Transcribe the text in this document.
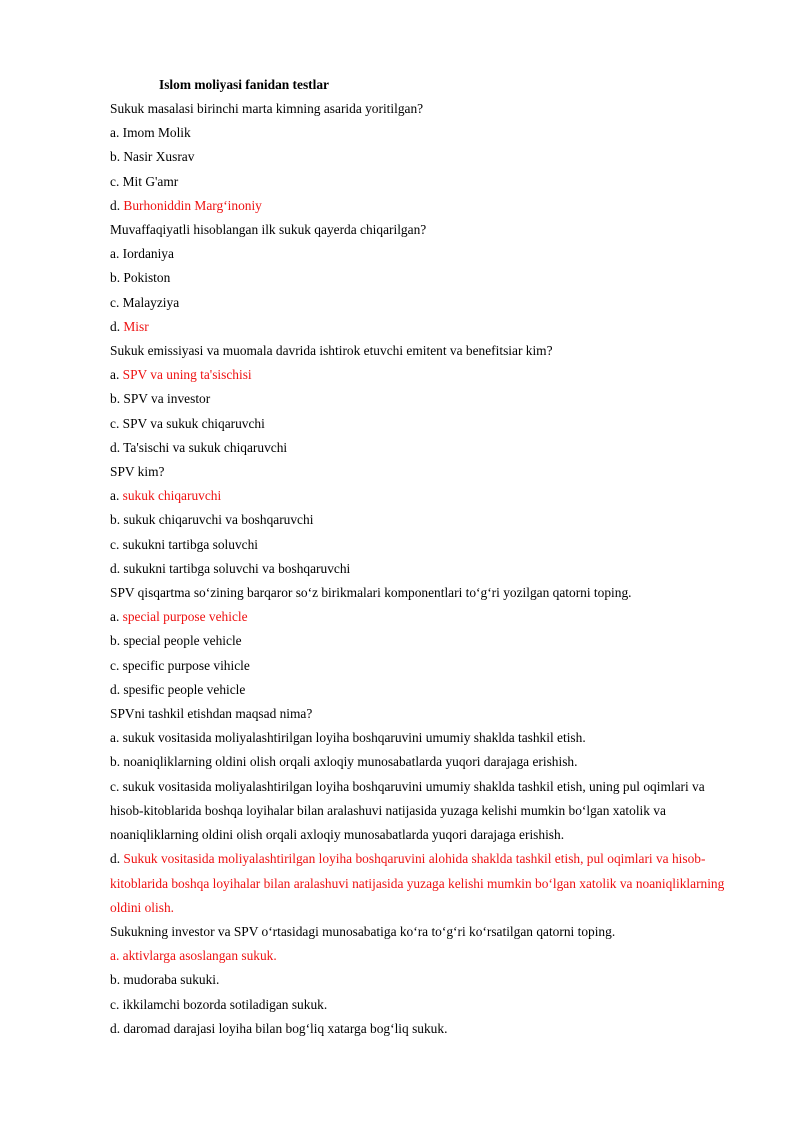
Islom moliyasi fanidan testlar
Sukuk masalasi birinchi marta kimning asarida yoritilgan?
a. Imom Molik
b. Nasir Xusrav
c. Mit G'amr
d. Burhoniddin Marg‘inoniy
Muvaffaqiyatli hisoblangan ilk sukuk qayerda chiqarilgan?
a. Iordaniya
b. Pokiston
c. Malayziya
d. Misr
Sukuk emissiyasi va muomala davrida ishtirok etuvchi emitent va benefitsiar kim?
a. SPV va uning ta'sischisi
b. SPV va investor
c. SPV va sukuk chiqaruvchi
d. Ta'sischi va sukuk chiqaruvchi
SPV kim?
a. sukuk chiqaruvchi
b. sukuk chiqaruvchi va boshqaruvchi
c. sukukni tartibga soluvchi
d. sukukni tartibga soluvchi va boshqaruvchi
SPV qisqartma so‘zining barqaror so‘z birikmalari komponentlari to‘g‘ri yozilgan qatorni toping.
a. special purpose vehicle
b. special people vehicle
c. specific purpose vihicle
d. spesific people vehicle
SPVni tashkil etishdan maqsad nima?
a. sukuk vositasida moliyalashtirilgan loyiha boshqaruvini umumiy shaklda tashkil etish.
b. noaniqliklarning oldini olish orqali axloqiy munosabatlarda yuqori darajaga erishish.
c. sukuk vositasida moliyalashtirilgan loyiha boshqaruvini umumiy shaklda tashkil etish, uning pul oqimlari va hisob-kitoblarida boshqa loyihalar bilan aralashuvi natijasida yuzaga kelishi mumkin bo‘lgan xatolik va noaniqliklarning oldini olish orqali axloqiy munosabatlarda yuqori darajaga erishish.
d. Sukuk vositasida moliyalashtirilgan loyiha boshqaruvini alohida shaklda tashkil etish, pul oqimlari va hisob-kitoblarida boshqa loyihalar bilan aralashuvi natijasida yuzaga kelishi mumkin bo‘lgan xatolik va noaniqliklarning oldini olish.
Sukukning investor va SPV o‘rtasidagi munosabatiga ko‘ra to‘g‘ri ko‘rsatilgan qatorni toping.
a. aktivlarga asoslangan sukuk.
b. mudoraba sukuki.
c. ikkilamchi bozorda sotiladigan sukuk.
d. daromad darajasi loyiha bilan bog‘liq xatarga bog‘liq sukuk.
